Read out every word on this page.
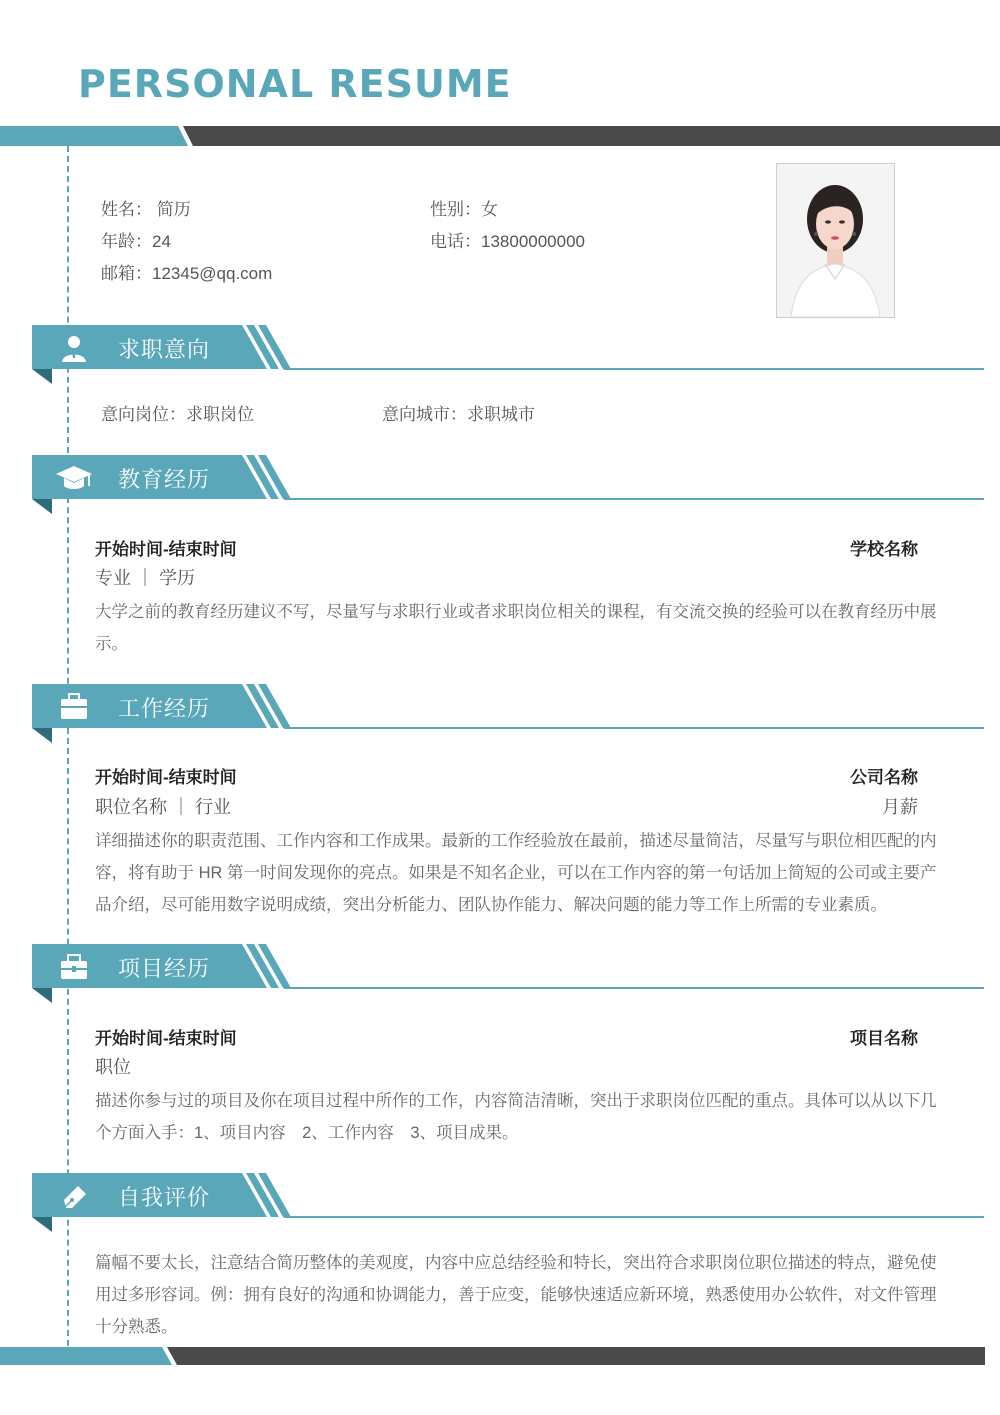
PERSONAL RESUME
姓名： 简历	性别：女
年龄：24	电话：13800000000
邮箱：12345@qq.com
求职意向
意向岗位：求职岗位	意向城市：求职城市
教育经历
开始时间-结束时间	学校名称
专业 ｜ 学历
大学之前的教育经历建议不写，尽量写与求职行业或者求职岗位相关的课程，有交流交换的经验可以在教育经历中展示。
工作经历
开始时间-结束时间	公司名称
职位名称 ｜ 行业	月薪
详细描述你的职责范围、工作内容和工作成果。最新的工作经验放在最前，描述尽量简洁，尽量写与职位相匹配的内容，将有助于 HR 第一时间发现你的亮点。如果是不知名企业，可以在工作内容的第一句话加上简短的公司或主要产品介绍，尽可能用数字说明成绩，突出分析能力、团队协作能力、解决问题的能力等工作上所需的专业素质。
项目经历
开始时间-结束时间	项目名称
职位
描述你参与过的项目及你在项目过程中所作的工作，内容简洁清晰，突出于求职岗位匹配的重点。具体可以从以下几个方面入手：1、项目内容　2、工作内容　3、项目成果。
自我评价
篇幅不要太长，注意结合简历整体的美观度，内容中应总结经验和特长，突出符合求职岗位职位描述的特点，避免使用过多形容词。例：拥有良好的沟通和协调能力，善于应变，能够快速适应新环境，熟悉使用办公软件，对文件管理十分熟悉。
